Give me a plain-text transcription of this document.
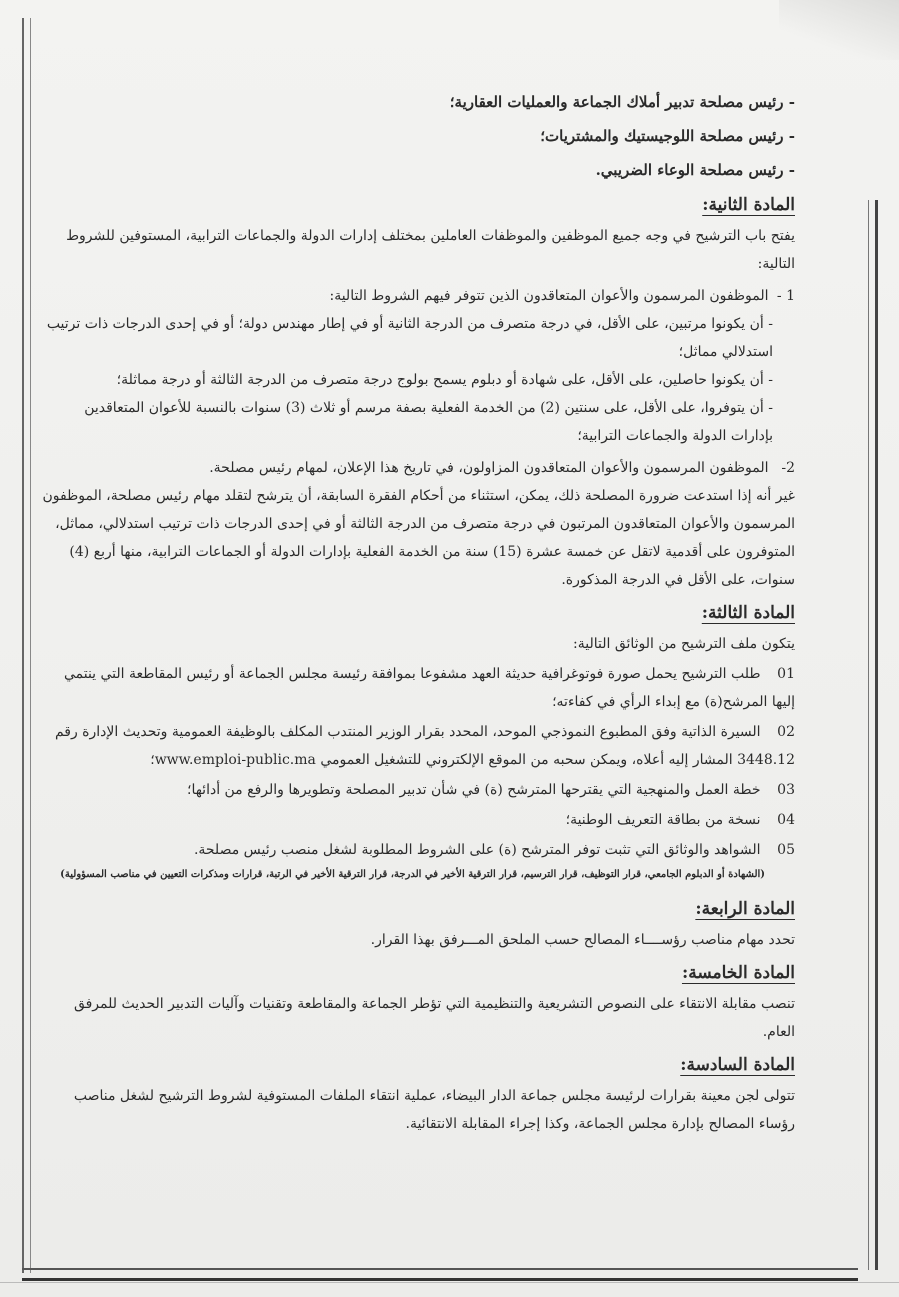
- رئيس مصلحة تدبير أملاك الجماعة والعمليات العقارية؛

- رئيس مصلحة اللوجيستيك والمشتريات؛

- رئيس مصلحة الوعاء الضريبي.

المادة الثانية:

يفتح باب الترشيح في وجه جميع الموظفين والموظفات العاملين بمختلف إدارات الدولة والجماعات الترابية، المستوفين للشروط التالية:

1 - الموظفون المرسمون والأعوان المتعاقدون الذين تتوفر فيهم الشروط التالية:

- أن يكونوا مرتبين، على الأقل، في درجة متصرف من الدرجة الثانية أو في إطار مهندس دولة؛ أو في إحدى الدرجات ذات ترتيب استدلالي مماثل؛

- أن يكونوا حاصلين، على الأقل، على شهادة أو دبلوم يسمح بولوج درجة متصرف من الدرجة الثالثة أو درجة مماثلة؛

- أن يتوفروا، على الأقل، على سنتين (2) من الخدمة الفعلية بصفة مرسم أو ثلاث (3) سنوات بالنسبة للأعوان المتعاقدين بإدارات الدولة والجماعات الترابية؛

2- الموظفون المرسمون والأعوان المتعاقدون المزاولون، في تاريخ هذا الإعلان، لمهام رئيس مصلحة.

غير أنه إذا استدعت ضرورة المصلحة ذلك، يمكن، استثناء من أحكام الفقرة السابقة، أن يترشح لتقلد مهام رئيس مصلحة، الموظفون المرسمون والأعوان المتعاقدون المرتبون في درجة متصرف من الدرجة الثالثة أو في إحدى الدرجات ذات ترتيب استدلالي، مماثل، المتوفرون على أقدمية لاتقل عن خمسة عشرة (15) سنة من الخدمة الفعلية بإدارات الدولة أو الجماعات الترابية، منها أربع (4) سنوات، على الأقل في الدرجة المذكورة.

المادة الثالثة:

يتكون ملف الترشيح من الوثائق التالية:

01 طلب الترشيح يحمل صورة فوتوغرافية حديثة العهد مشفوعا بموافقة رئيسة مجلس الجماعة أو رئيس المقاطعة التي ينتمي إليها المرشح(ة) مع إبداء الرأي في كفاءته؛
02 السيرة الذاتية وفق المطبوع النموذجي الموحد، المحدد بقرار الوزير المنتدب المكلف بالوظيفة العمومية وتحديث الإدارة رقم 3448.12 المشار إليه أعلاه، ويمكن سحبه من الموقع الإلكتروني للتشغيل العمومي www.emploi-public.ma؛
03 خطة العمل والمنهجية التي يقترحها المترشح (ة) في شأن تدبير المصلحة وتطويرها والرفع من أدائها؛
04 نسخة من بطاقة التعريف الوطنية؛
05 الشواهد والوثائق التي تثبت توفر المترشح (ة) على الشروط المطلوبة لشغل منصب رئيس مصلحة.

(الشهادة أو الدبلوم الجامعي، قرار التوظيف، قرار الترسيم، قرار الترقية الأخير في الدرجة، قرار الترقية الأخير في الرتبة، قرارات ومذكرات التعيين في مناصب المسؤولية)

المادة الرابعة:

تحدد مهام مناصب رؤســــاء المصالح حسب الملحق المـــرفق بهذا القرار.

المادة الخامسة:

تنصب مقابلة الانتقاء على النصوص التشريعية والتنظيمية التي تؤطر الجماعة والمقاطعة وتقنيات وآليات التدبير الحديث للمرفق العام.

المادة السادسة:

تتولى لجن معينة بقرارات لرئيسة مجلس جماعة الدار البيضاء، عملية انتقاء الملفات المستوفية لشروط الترشيح لشغل مناصب رؤساء المصالح بإدارة مجلس الجماعة، وكذا إجراء المقابلة الانتقائية.
